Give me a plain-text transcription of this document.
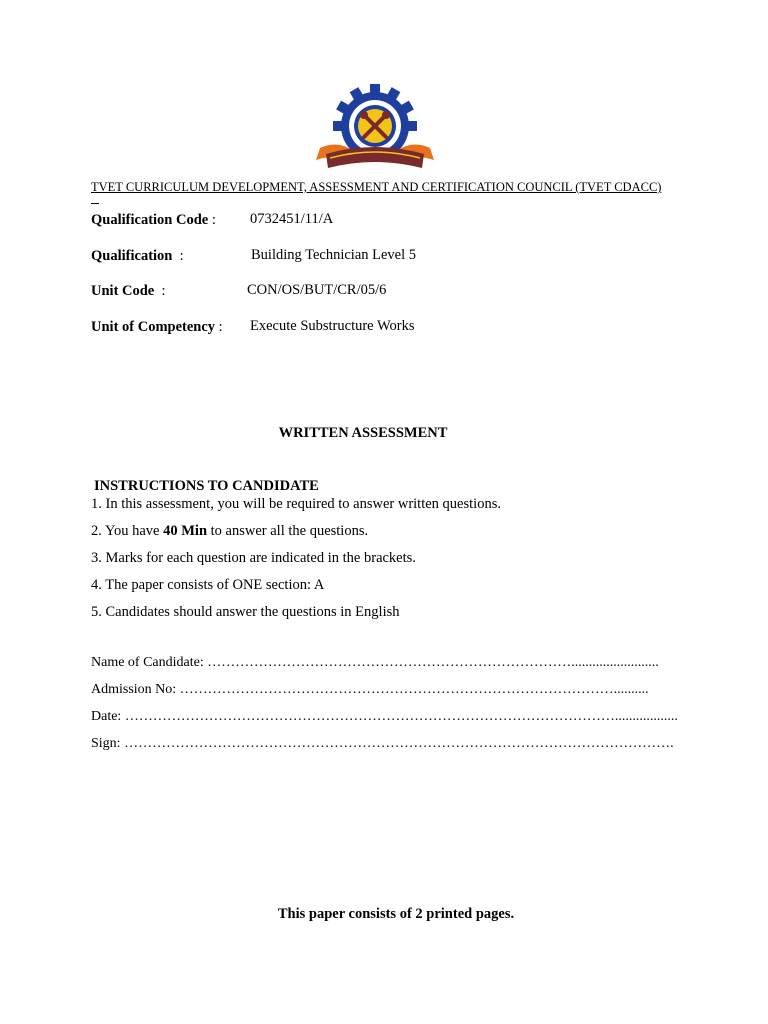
TVET CURRICULUM DEVELOPMENT, ASSESSMENT AND CERTIFICATION COUNCIL (TVET CDACC)
Qualification Code : 0732451/11/A
Qualification  :	Building Technician Level 5
Unit Code  :	CON/OS/BUT/CR/05/6
Unit of Competency : Execute Substructure Works
WRITTEN ASSESSMENT
INSTRUCTIONS TO CANDIDATE
1. In this assessment, you will be required to answer written questions.
2. You have 40 Min to answer all the questions.
3. Marks for each question are indicated in the brackets.
4. The paper consists of ONE section: A
5. Candidates should answer the questions in English
Name of Candidate: …………………………………………………………………….........................
Admission No: …………………………………………………………………………………..........
Date: ……………………………………………………………………………………………..................
Sign: ……………………………………………………………………………………………………….
This paper consists of 2 printed pages.
